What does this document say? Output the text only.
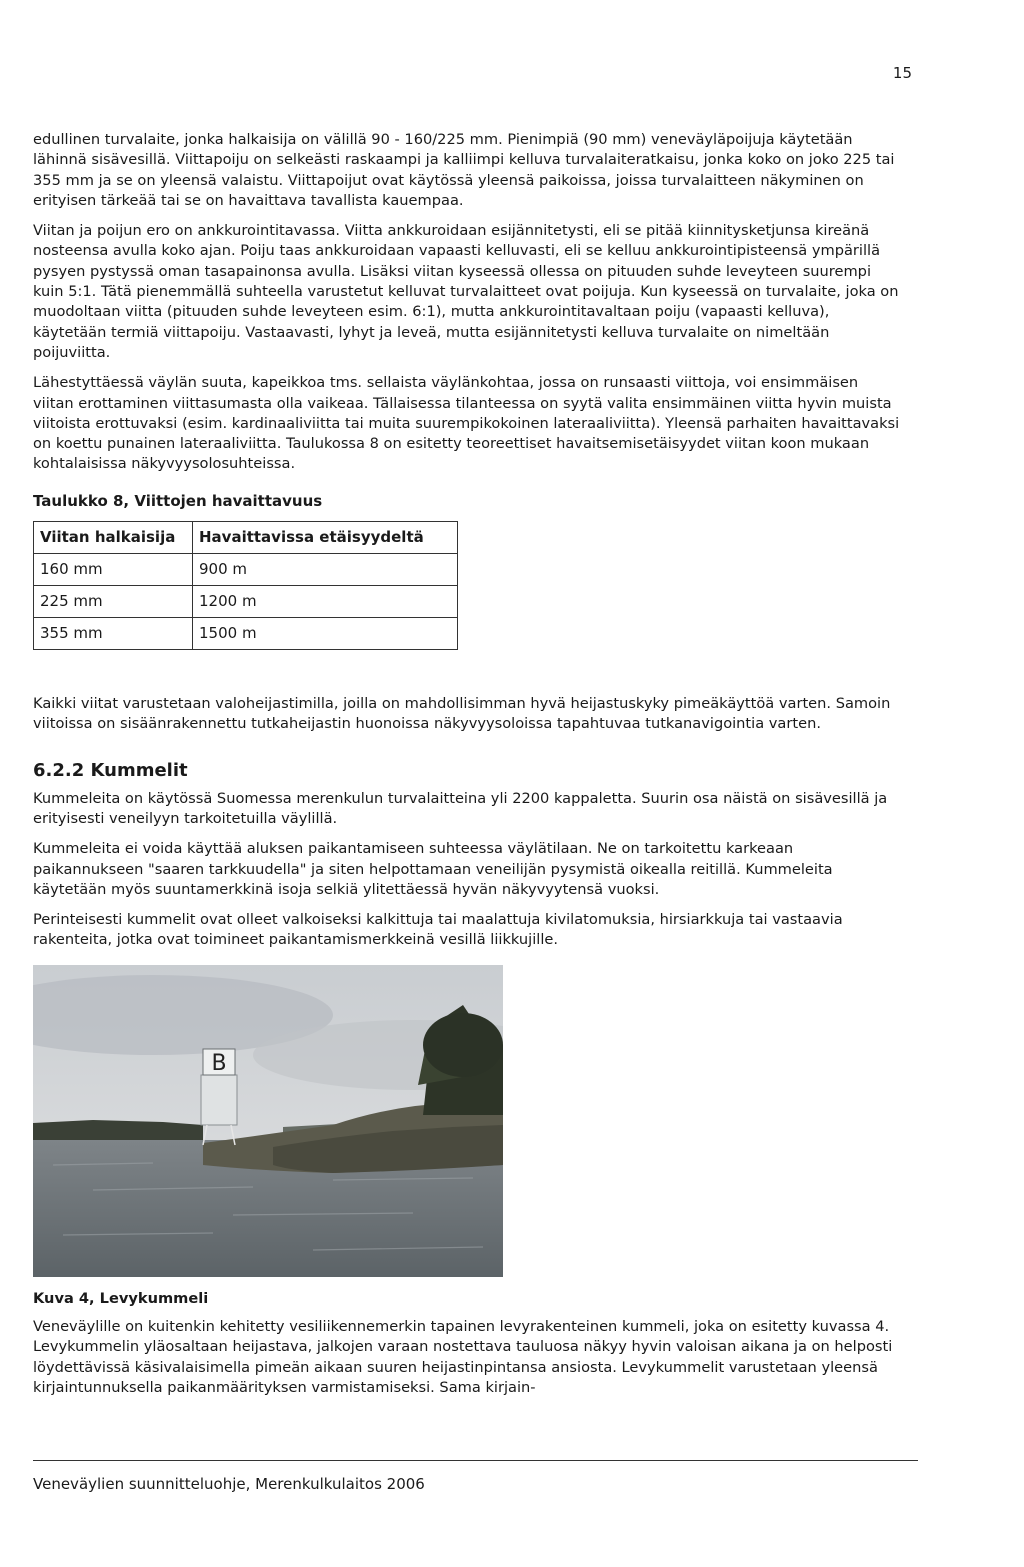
15

edullinen turvalaite, jonka halkaisija on välillä 90 - 160/225 mm. Pienimpiä (90 mm) veneväyläpoijuja käytetään lähinnä sisävesillä. Viittapoiju on selkeästi raskaampi ja kalliimpi kelluva turvalaiteratkaisu, jonka koko on joko 225 tai 355 mm ja se on yleensä valaistu. Viittapoijut ovat käytössä yleensä paikoissa, joissa turvalaitteen näkyminen on erityisen tärkeää tai se on havaittava tavallista kauempaa.

Viitan ja poijun ero on ankkurointitavassa. Viitta ankkuroidaan esijännitetysti, eli se pitää kiinnitysketjunsa kireänä nosteensa avulla koko ajan. Poiju taas ankkuroidaan vapaasti kelluvasti, eli se kelluu ankkurointipisteensä ympärillä pysyen pystyssä oman tasapainonsa avulla. Lisäksi viitan kyseessä ollessa on pituuden suhde leveyteen suurempi kuin 5:1. Tätä pienemmällä suhteella varustetut kelluvat turvalaitteet ovat poijuja. Kun kyseessä on turvalaite, joka on muodoltaan viitta (pituuden suhde leveyteen esim. 6:1), mutta ankkurointitavaltaan poiju (vapaasti kelluva), käytetään termiä viittapoiju. Vastaavasti, lyhyt ja leveä, mutta esijännitetysti kelluva turvalaite on nimeltään poijuviitta.

Lähestyttäessä väylän suuta, kapeikkoa tms. sellaista väylänkohtaa, jossa on runsaasti viittoja, voi ensimmäisen viitan erottaminen viittasumasta olla vaikeaa. Tällaisessa tilanteessa on syytä valita ensimmäinen viitta hyvin muista viitoista erottuvaksi (esim. kardinaaliviitta tai muita suurempikokoinen lateraaliviitta). Yleensä parhaiten havaittavaksi on koettu punainen lateraaliviitta. Taulukossa 8 on esitetty teoreettiset havaitsemisetäisyydet viitan koon mukaan kohtalaisissa näkyvyysolosuhteissa.

Taulukko 8, Viittojen havaittavuus

Viitan halkaisija	Havaittavissa etäisyydeltä
160 mm	900 m
225 mm	1200 m
355 mm	1500 m

Kaikki viitat varustetaan valoheijastimilla, joilla on mahdollisimman hyvä heijastuskyky pimeäkäyttöä varten. Samoin viitoissa on sisäänrakennettu tutkaheijastin huonoissa näkyvyysoloissa tapahtuvaa tutkanavigointia varten.

6.2.2 Kummelit

Kummeleita on käytössä Suomessa merenkulun turvalaitteina yli 2200 kappaletta. Suurin osa näistä on sisävesillä ja erityisesti veneilyyn tarkoitetuilla väylillä.

Kummeleita ei voida käyttää aluksen paikantamiseen suhteessa väylätilaan. Ne on tarkoitettu karkeaan paikannukseen "saaren tarkkuudella" ja siten helpottamaan veneilijän pysymistä oikealla reitillä. Kummeleita käytetään myös suuntamerkkinä isoja selkiä ylitettäessä hyvän näkyvyytensä vuoksi.

Perinteisesti kummelit ovat olleet valkoiseksi kalkittuja tai maalattuja kivilatomuksia, hirsiarkkuja tai vastaavia rakenteita, jotka ovat toimineet paikantamismerkkeinä vesillä liikkujille.

B

Kuva 4, Levykummeli

Veneväylille on kuitenkin kehitetty vesiliikennemerkin tapainen levyrakenteinen kummeli, joka on esitetty kuvassa 4. Levykummelin yläosaltaan heijastava, jalkojen varaan nostettava tauluosa näkyy hyvin valoisan aikana ja on helposti löydettävissä käsivalaisimella pimeän aikaan suuren heijastinpintansa ansiosta. Levykummelit varustetaan yleensä kirjaintunnuksella paikanmäärityksen varmistamiseksi. Sama kirjain-

Veneväylien suunnitteluohje, Merenkulkulaitos 2006
